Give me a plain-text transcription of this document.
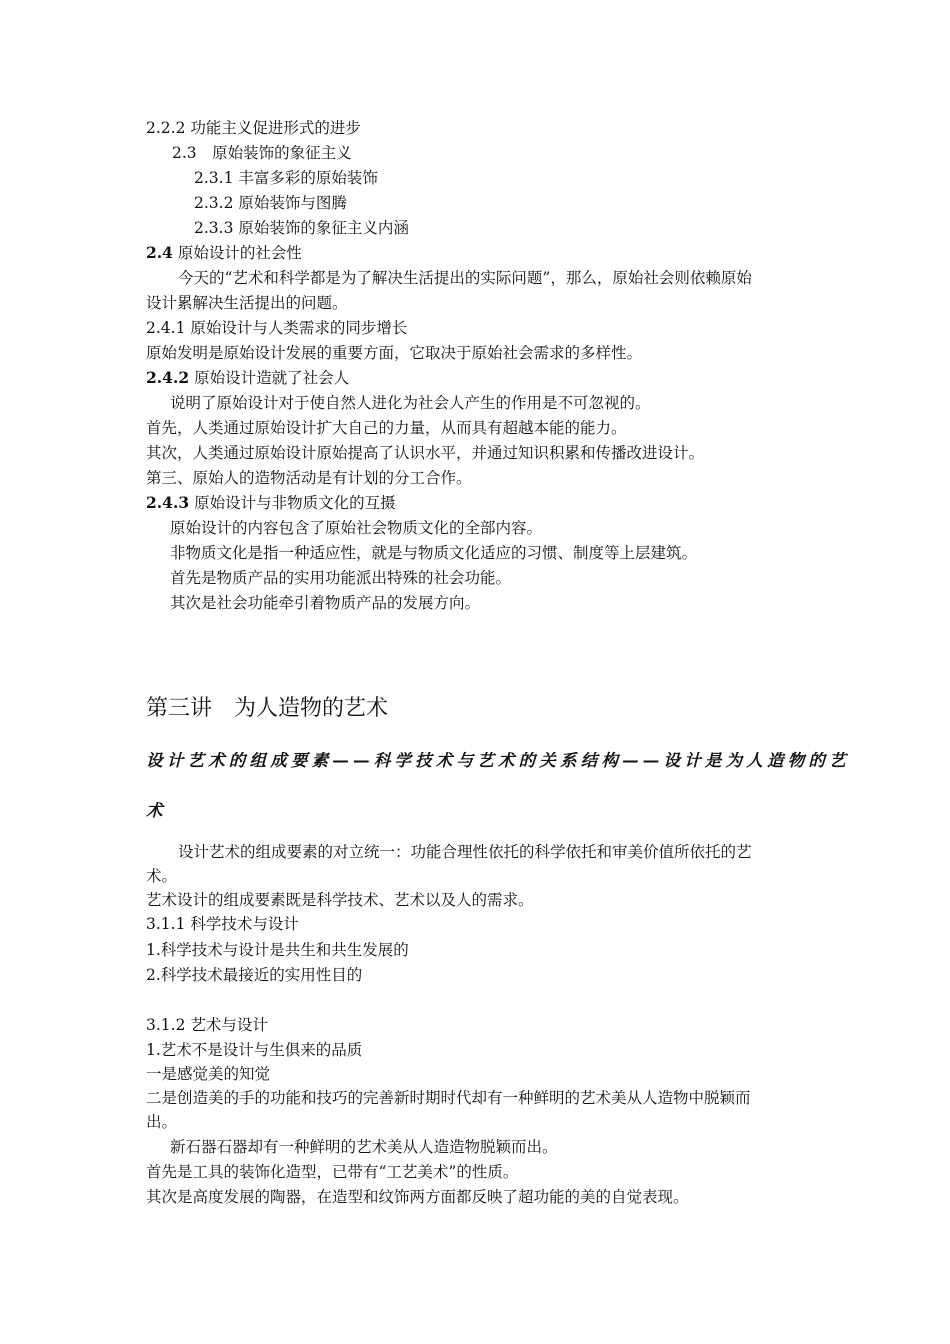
2.2.2 功能主义促进形式的进步
2.3　原始装饰的象征主义
2.3.1 丰富多彩的原始装饰
2.3.2 原始装饰与图腾
2.3.3 原始装饰的象征主义内涵
2.4 原始设计的社会性
今天的“艺术和科学都是为了解决生活提出的实际问题”，那么，原始社会则依赖原始
设计累解决生活提出的问题。
2.4.1 原始设计与人类需求的同步增长
原始发明是原始设计发展的重要方面，它取决于原始社会需求的多样性。
2.4.2 原始设计造就了社会人
说明了原始设计对于使自然人进化为社会人产生的作用是不可忽视的。
首先，人类通过原始设计扩大自己的力量，从而具有超越本能的能力。
其次，人类通过原始设计原始提高了认识水平，并通过知识积累和传播改进设计。
第三、原始人的造物活动是有计划的分工合作。
2.4.3 原始设计与非物质文化的互摄
原始设计的内容包含了原始社会物质文化的全部内容。
非物质文化是指一种适应性，就是与物质文化适应的习惯、制度等上层建筑。
首先是物质产品的实用功能派出特殊的社会功能。
其次是社会功能牵引着物质产品的发展方向。
第三讲　为人造物的艺术
设计艺术的组成要素——科学技术与艺术的关系结构——设计是为人造物的艺
术
设计艺术的组成要素的对立统一：功能合理性依托的科学依托和审美价值所依托的艺
术。
艺术设计的组成要素既是科学技术、艺术以及人的需求。
3.1.1 科学技术与设计
1.科学技术与设计是共生和共生发展的
2.科学技术最接近的实用性目的
3.1.2 艺术与设计
1.艺术不是设计与生俱来的品质
一是感觉美的知觉
二是创造美的手的功能和技巧的完善新时期时代却有一种鲜明的艺术美从人造物中脱颖而
出。
新石器石器却有一种鲜明的艺术美从人造造物脱颖而出。
首先是工具的装饰化造型，已带有“工艺美术”的性质。
其次是高度发展的陶器，在造型和纹饰两方面都反映了超功能的美的自觉表现。
